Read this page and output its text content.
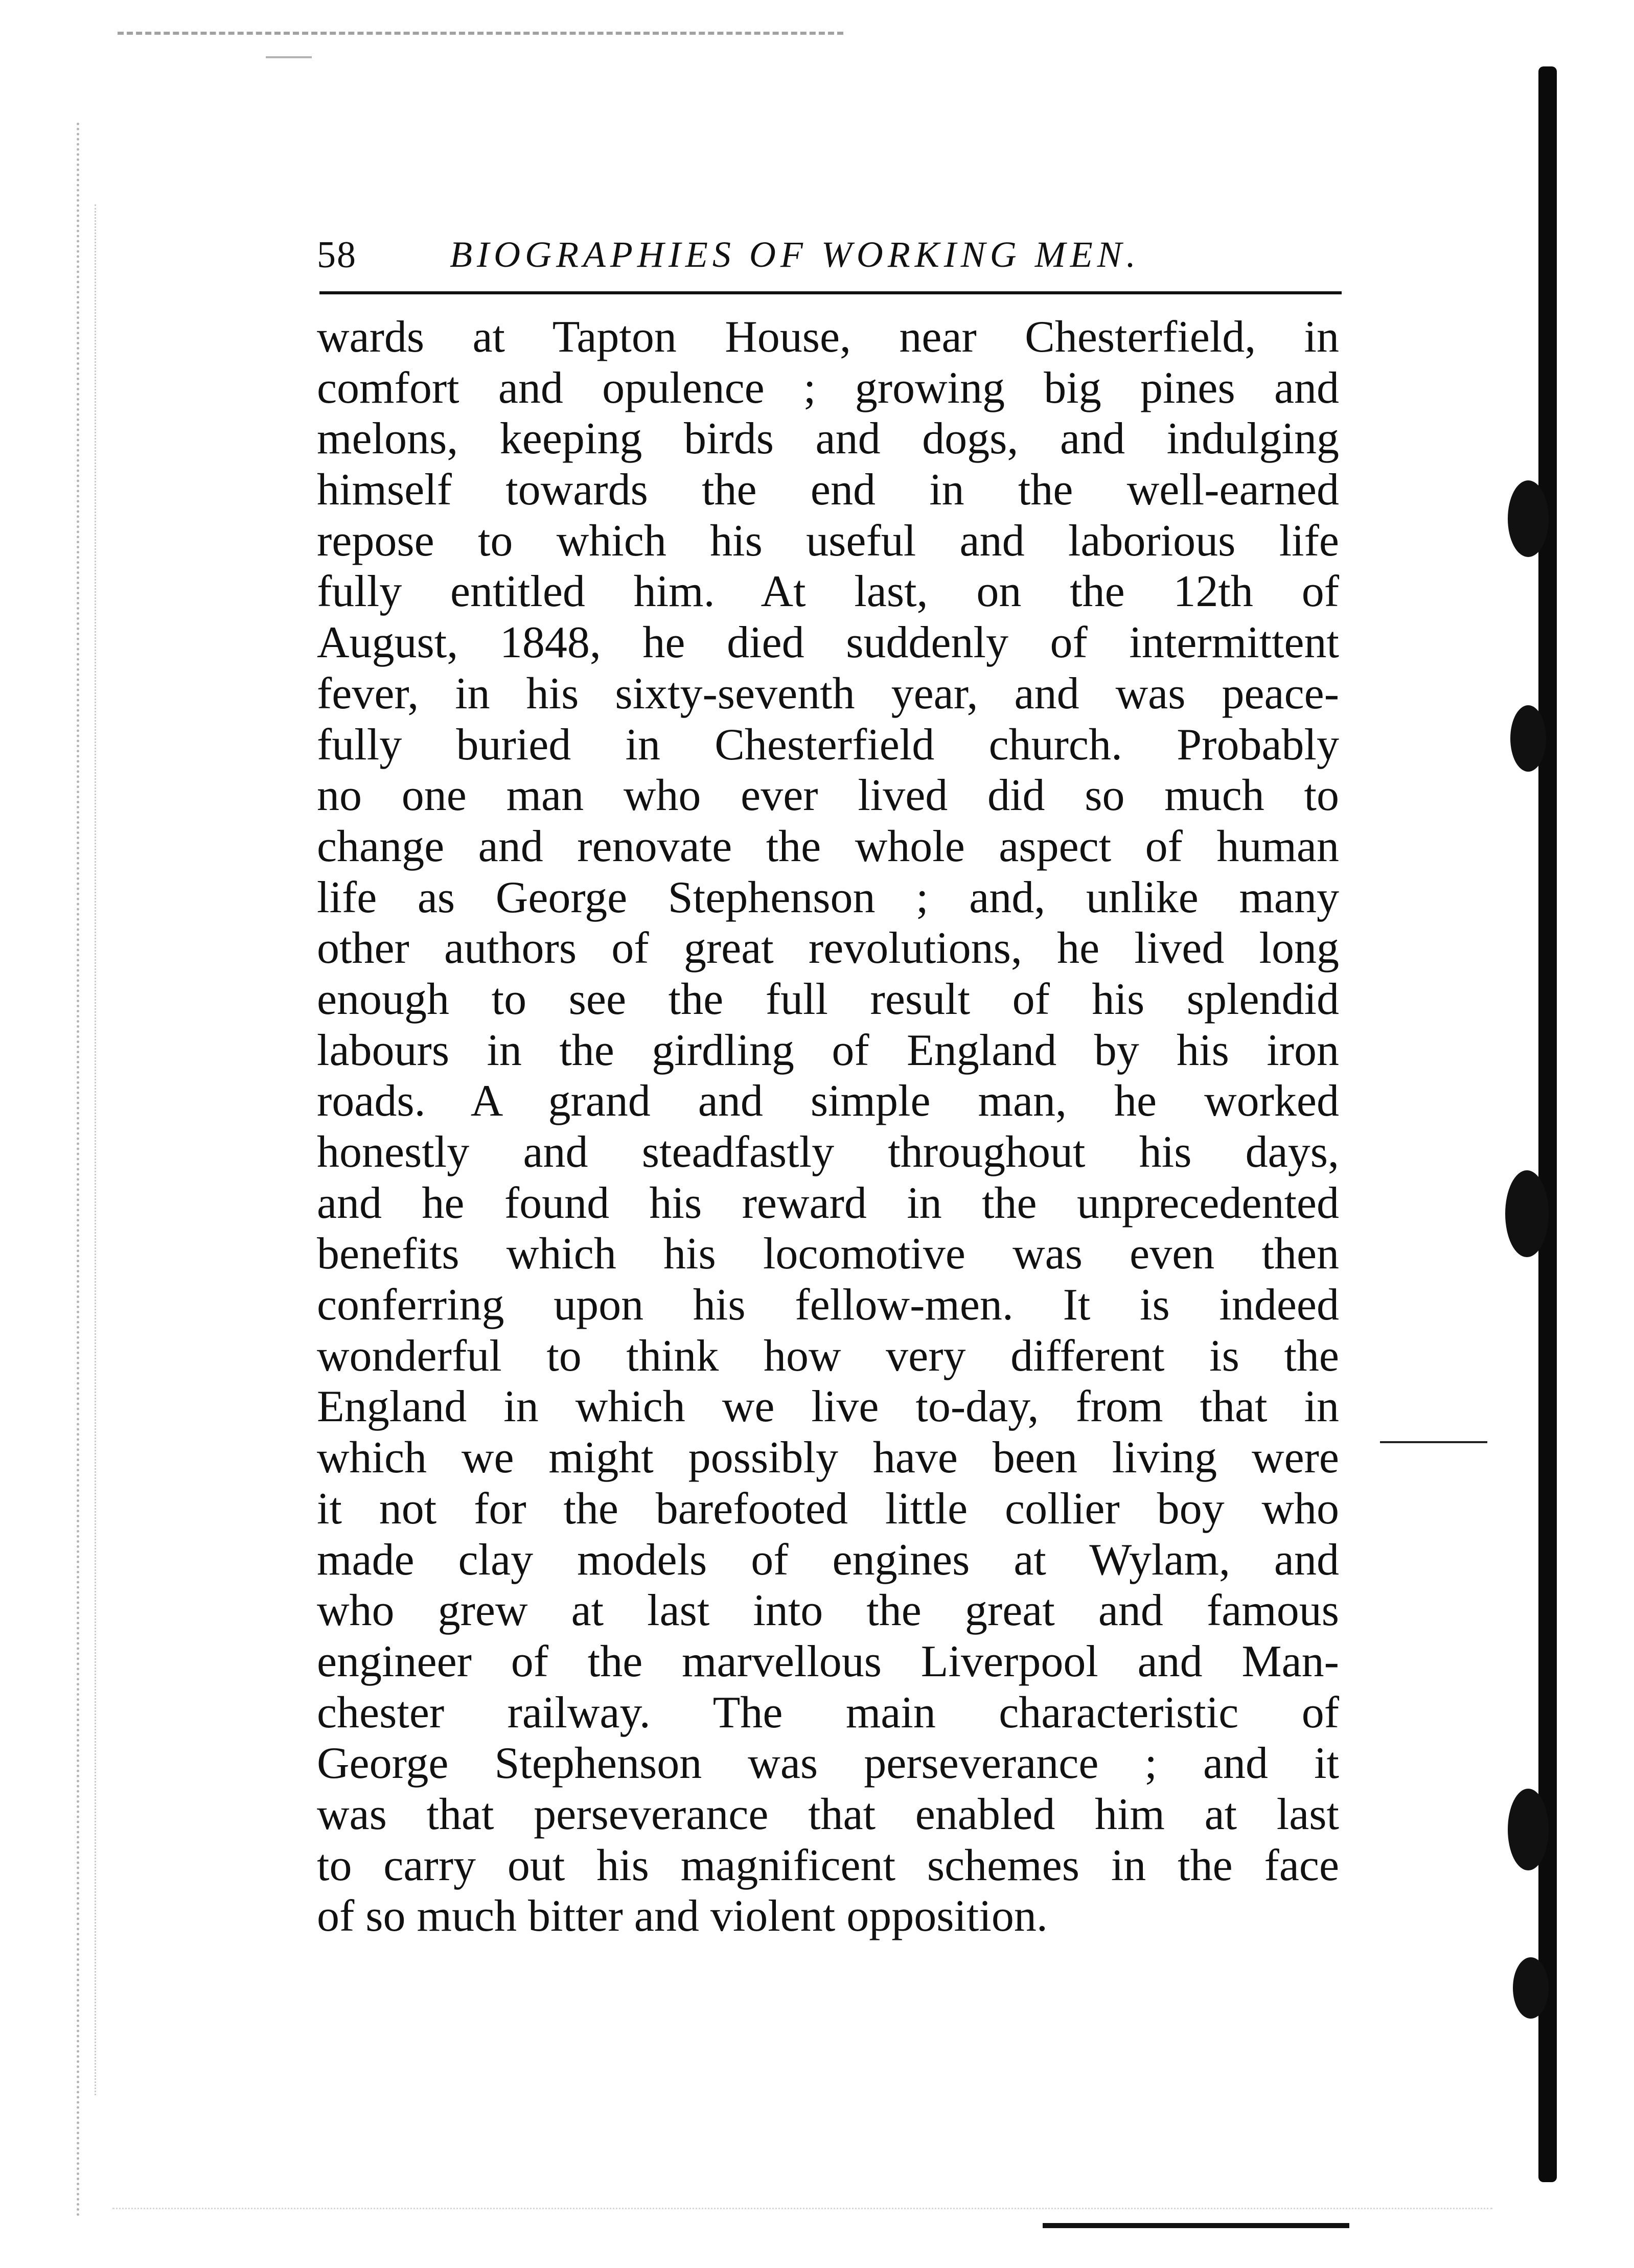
58	BIOGRAPHIES OF WORKING MEN.
wards at Tapton House, near Chesterfield, in
comfort and opulence ; growing big pines and
melons, keeping birds and dogs, and indulging
himself towards the end in the well-earned
repose to which his useful and laborious life
fully entitled him. At last, on the 12th of
August, 1848, he died suddenly of intermittent
fever, in his sixty-seventh year, and was peace-
fully buried in Chesterfield church. Probably
no one man who ever lived did so much to
change and renovate the whole aspect of human
life as George Stephenson ; and, unlike many
other authors of great revolutions, he lived long
enough to see the full result of his splendid
labours in the girdling of England by his iron
roads. A grand and simple man, he worked
honestly and steadfastly throughout his days,
and he found his reward in the unprecedented
benefits which his locomotive was even then
conferring upon his fellow-men. It is indeed
wonderful to think how very different is the
England in which we live to-day, from that in
which we might possibly have been living were
it not for the barefooted little collier boy who
made clay models of engines at Wylam, and
who grew at last into the great and famous
engineer of the marvellous Liverpool and Man-
chester railway. The main characteristic of
George Stephenson was perseverance ; and it
was that perseverance that enabled him at last
to carry out his magnificent schemes in the face
of so much bitter and violent opposition.
